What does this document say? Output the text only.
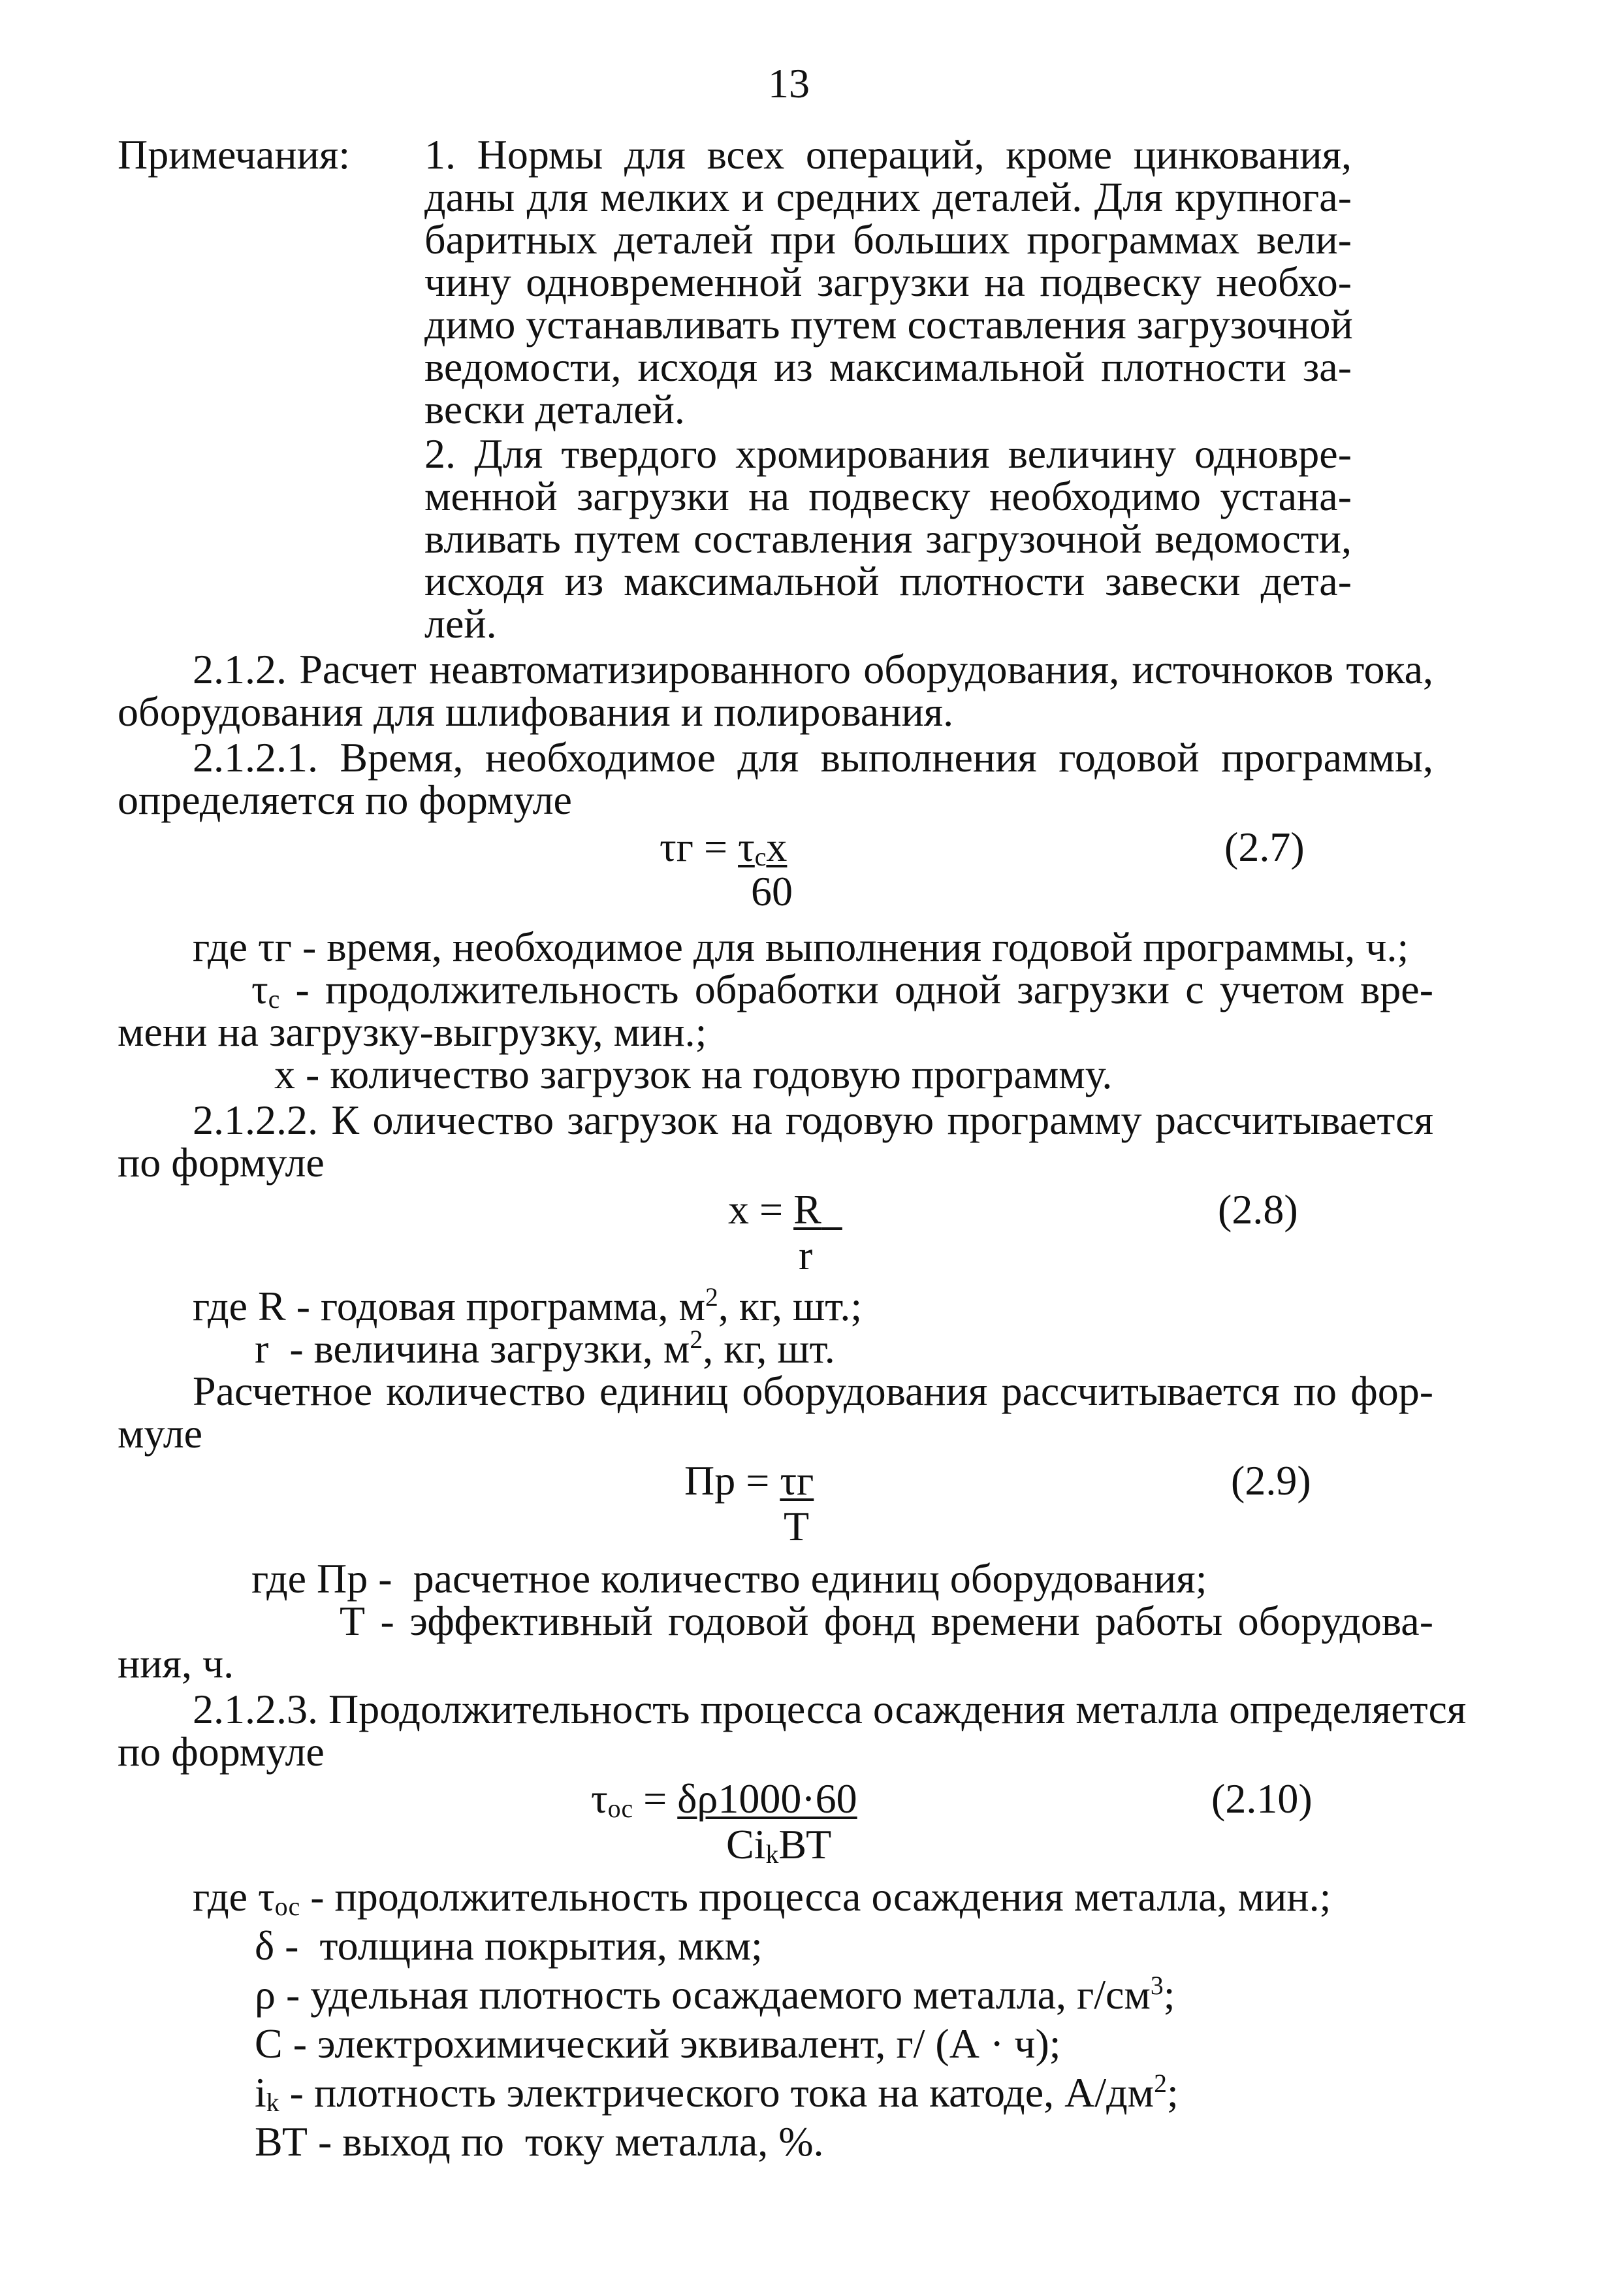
13
Примечания: 1. Нормы для всех операций, кроме цинкования,
даны для мелких и средних деталей. Для крупнога-
баритных деталей при больших программах вели-
чину одновременной загрузки на подвеску необхо-
димо устанавливать путем составления загрузочной
ведомости, исходя из максимальной плотности за-
вески деталей.
2. Для твердого хромирования величину одновре-
менной загрузки на подвеску необходимо устана-
вливать путем составления загрузочной ведомости,
исходя из максимальной плотности завески дета-
лей.
2.1.2. Расчет неавтоматизированного оборудования, источноков тока,
оборудования для шлифования и полирования.
2.1.2.1. Время, необходимое для выполнения годовой программы,
определяется по формуле
$\tau г = \tau_cx$
60
(2.7)
где τг - время, необходимое для выполнения годовой программы, ч.;
$\tau_c$ - продолжительность обработки одной загрузки с учетом вре-
мени на загрузку-выгрузку, мин.;
x - количество загрузок на годовую программу.
2.1.2.2. К оличество загрузок на годовую программу рассчитывается
по формуле
x = R
r
(2.8)
где R - годовая программа, $м^2$, кг, шт.;
r  - величина загрузки, $м^2$, кг, шт.
Расчетное количество единиц оборудования рассчитывается по фор-
муле
Пр = τг
Т
(2.9)
где Пр -  расчетное количество единиц оборудования;
Т - эффективный годовой фонд времени работы оборудова-
ния, ч.
2.1.2.3. Продолжительность процесса осаждения металла определяется
по формуле
$\tau_{ос} = \delta\rho 1000\cdot 60$
$Ci_kВТ$
(2.10)
где $\tau_{ос}$ - продолжительность процесса осаждения металла, мин.;
δ -  толщина покрытия, мкм;
ρ - удельная плотность осаждаемого металла, $г/см^3$;
С - электрохимический эквивалент, г/ (А · ч);
$i_k$ - плотность электрического тока на катоде, $А/дм^2$;
ВТ - выход по  току металла, %.
